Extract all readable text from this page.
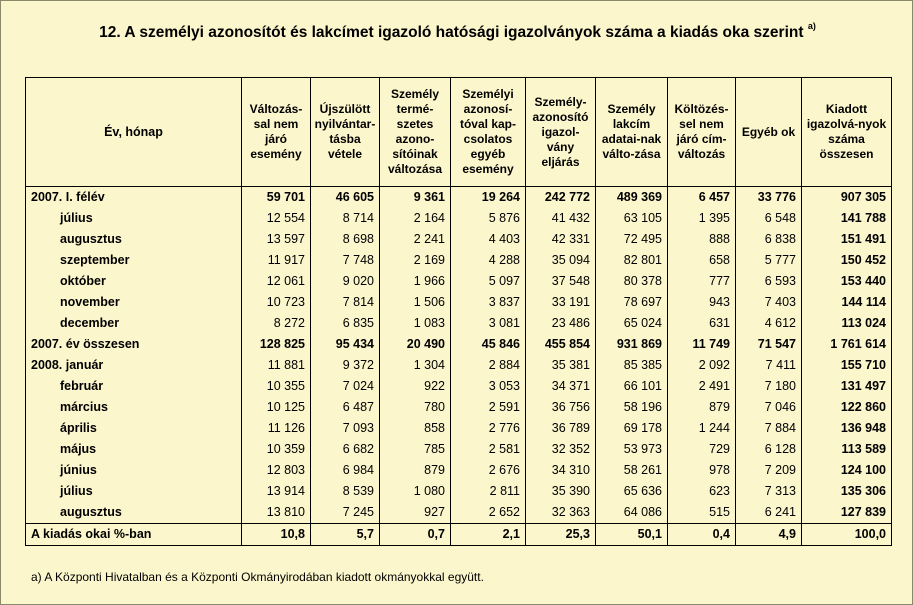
12. A személyi azonosítót és lakcímet igazoló hatósági igazolványok száma a kiadás oka szerint $^{a)}$
Év, hónap	Változás-sal nem járó esemény	Újszülött nyilvántar-tásba vétele	Személy termé-szetes azono-sítóinak változása	Személyi azonosí-tóval kap-csolatos egyéb esemény	Személy-azonosító igazol-vány eljárás	Személy lakcím adatai-nak válto-zása	Költözés-sel nem járó cím-változás	Egyéb ok	Kiadott igazolvá-nyok száma összesen
2007. I. félév	59 701	46 605	9 361	19 264	242 772	489 369	6 457	33 776	907 305
július	12 554	8 714	2 164	5 876	41 432	63 105	1 395	6 548	141 788
augusztus	13 597	8 698	2 241	4 403	42 331	72 495	888	6 838	151 491
szeptember	11 917	7 748	2 169	4 288	35 094	82 801	658	5 777	150 452
október	12 061	9 020	1 966	5 097	37 548	80 378	777	6 593	153 440
november	10 723	7 814	1 506	3 837	33 191	78 697	943	7 403	144 114
december	8 272	6 835	1 083	3 081	23 486	65 024	631	4 612	113 024
2007. év összesen	128 825	95 434	20 490	45 846	455 854	931 869	11 749	71 547	1 761 614
2008. január	11 881	9 372	1 304	2 884	35 381	85 385	2 092	7 411	155 710
február	10 355	7 024	922	3 053	34 371	66 101	2 491	7 180	131 497
március	10 125	6 487	780	2 591	36 756	58 196	879	7 046	122 860
április	11 126	7 093	858	2 776	36 789	69 178	1 244	7 884	136 948
május	10 359	6 682	785	2 581	32 352	53 973	729	6 128	113 589
június	12 803	6 984	879	2 676	34 310	58 261	978	7 209	124 100
július	13 914	8 539	1 080	2 811	35 390	65 636	623	7 313	135 306
augusztus	13 810	7 245	927	2 652	32 363	64 086	515	6 241	127 839
A kiadás okai %-ban	10,8	5,7	0,7	2,1	25,3	50,1	0,4	4,9	100,0
a) A Központi Hivatalban és a Központi Okmányirodában kiadott okmányokkal együtt.
